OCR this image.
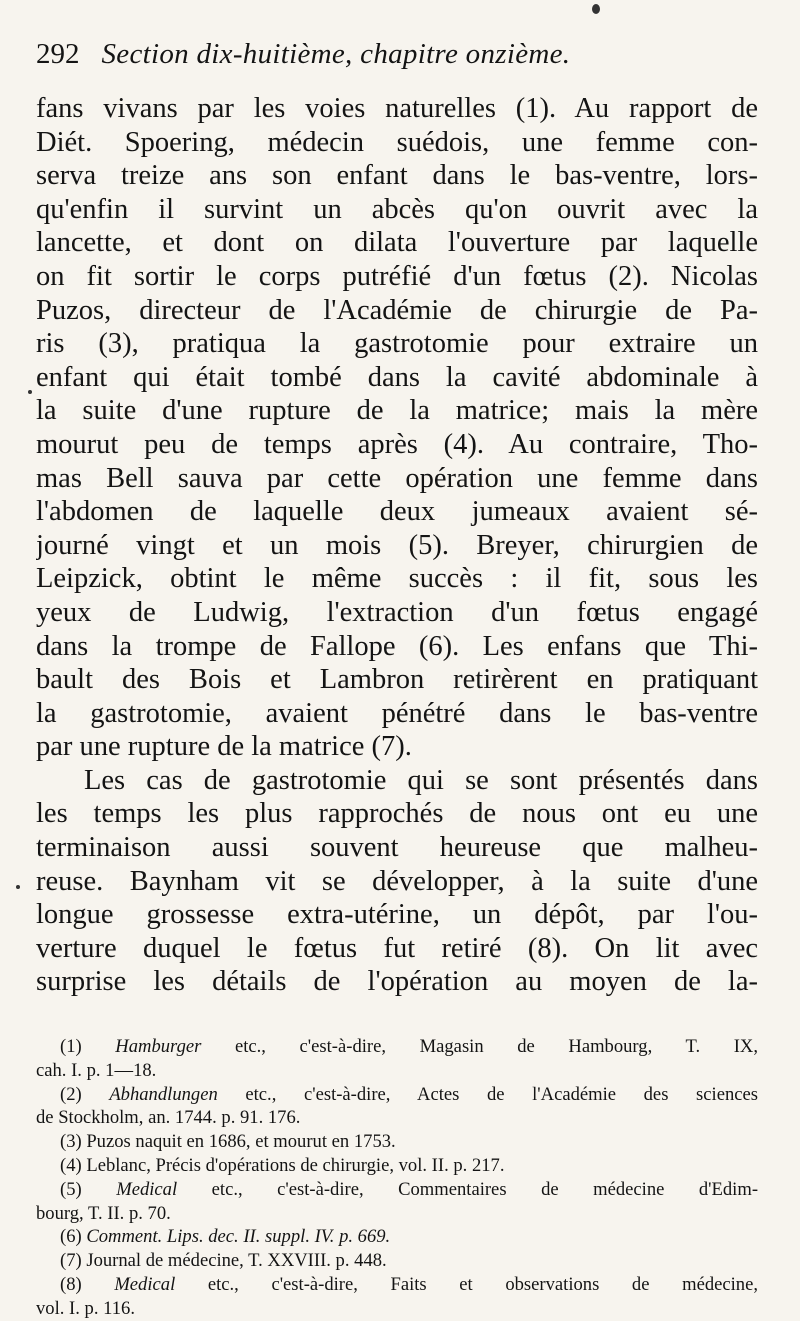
292 Section dix-huitième, chapitre onzième.
fans vivans par les voies naturelles (1). Au rapport de
Diét. Spoering, médecin suédois, une femme con-
serva treize ans son enfant dans le bas-ventre, lors-
qu'enfin il survint un abcès qu'on ouvrit avec la
lancette, et dont on dilata l'ouverture par laquelle
on fit sortir le corps putréfié d'un fœtus (2). Nicolas
Puzos, directeur de l'Académie de chirurgie de Pa-
ris (3), pratiqua la gastrotomie pour extraire un
enfant qui était tombé dans la cavité abdominale à
la suite d'une rupture de la matrice; mais la mère
mourut peu de temps après (4). Au contraire, Tho-
mas Bell sauva par cette opération une femme dans
l'abdomen de laquelle deux jumeaux avaient sé-
journé vingt et un mois (5). Breyer, chirurgien de
Leipzick, obtint le même succès : il fit, sous les
yeux de Ludwig, l'extraction d'un fœtus engagé
dans la trompe de Fallope (6). Les enfans que Thi-
bault des Bois et Lambron retirèrent en pratiquant
la gastrotomie, avaient pénétré dans le bas-ventre
par une rupture de la matrice (7).
Les cas de gastrotomie qui se sont présentés dans
les temps les plus rapprochés de nous ont eu une
terminaison aussi souvent heureuse que malheu-
reuse. Baynham vit se développer, à la suite d'une
longue grossesse extra-utérine, un dépôt, par l'ou-
verture duquel le fœtus fut retiré (8). On lit avec
surprise les détails de l'opération au moyen de la-
(1) Hamburger etc., c'est-à-dire, Magasin de Hambourg, T. IX,
cah. I. p. 1—18.
(2) Abhandlungen etc., c'est-à-dire, Actes de l'Académie des sciences
de Stockholm, an. 1744. p. 91. 176.
(3) Puzos naquit en 1686, et mourut en 1753.
(4) Leblanc, Précis d'opérations de chirurgie, vol. II. p. 217.
(5) Medical etc., c'est-à-dire, Commentaires de médecine d'Edim-
bourg, T. II. p. 70.
(6) Comment. Lips. dec. II. suppl. IV. p. 669.
(7) Journal de médecine, T. XXVIII. p. 448.
(8) Medical etc., c'est-à-dire, Faits et observations de médecine,
vol. I. p. 116.
